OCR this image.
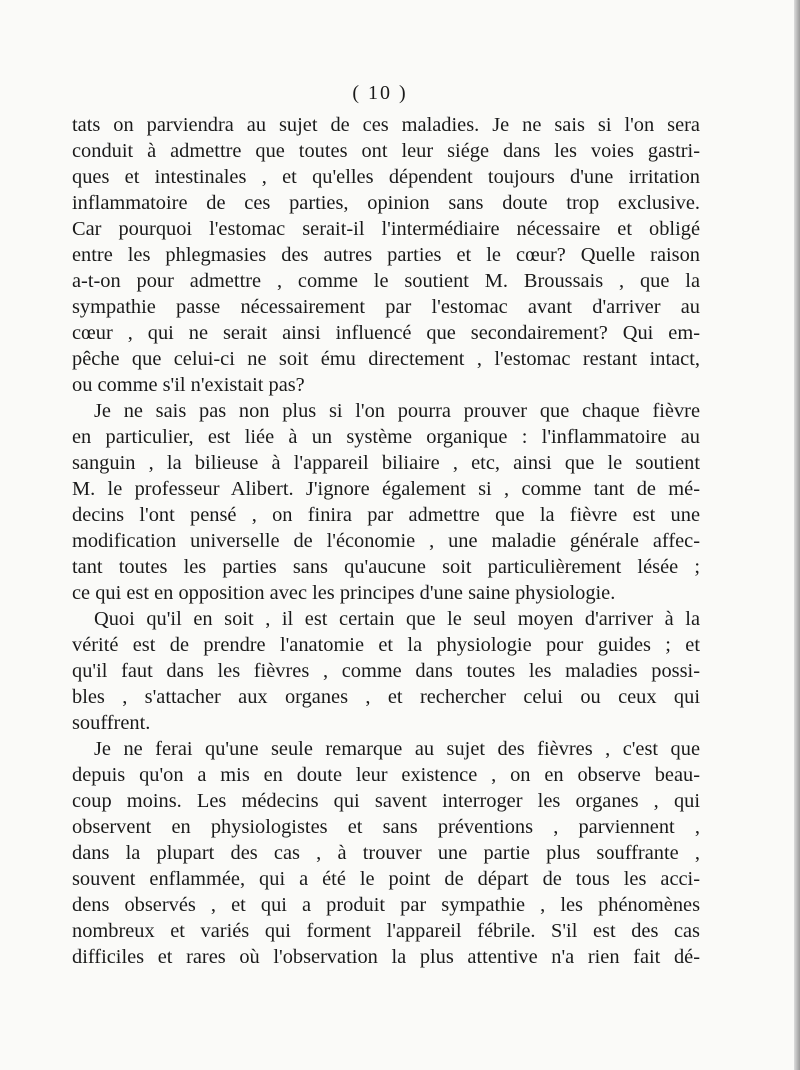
( 10 )
tats on parviendra au sujet de ces maladies. Je ne sais si l'on sera
conduit à admettre que toutes ont leur siége dans les voies gastri-
ques et intestinales , et qu'elles dépendent toujours d'une irritation
inflammatoire de ces parties, opinion sans doute trop exclusive.
Car pourquoi l'estomac serait-il l'intermédiaire nécessaire et obligé
entre les phlegmasies des autres parties et le cœur? Quelle raison
a-t-on pour admettre , comme le soutient M. Broussais , que la
sympathie passe nécessairement par l'estomac avant d'arriver au
cœur , qui ne serait ainsi influencé que secondairement? Qui em-
pêche que celui-ci ne soit ému directement , l'estomac restant intact,
ou comme s'il n'existait pas?
Je ne sais pas non plus si l'on pourra prouver que chaque fièvre
en particulier, est liée à un système organique : l'inflammatoire au
sanguin , la bilieuse à l'appareil biliaire , etc, ainsi que le soutient
M. le professeur Alibert. J'ignore également si , comme tant de mé-
decins l'ont pensé , on finira par admettre que la fièvre est une
modification universelle de l'économie , une maladie générale affec-
tant toutes les parties sans qu'aucune soit particulièrement lésée ;
ce qui est en opposition avec les principes d'une saine physiologie.
Quoi qu'il en soit , il est certain que le seul moyen d'arriver à la
vérité est de prendre l'anatomie et la physiologie pour guides ; et
qu'il faut dans les fièvres , comme dans toutes les maladies possi-
bles , s'attacher aux organes , et rechercher celui ou ceux qui
souffrent.
Je ne ferai qu'une seule remarque au sujet des fièvres , c'est que
depuis qu'on a mis en doute leur existence , on en observe beau-
coup moins. Les médecins qui savent interroger les organes , qui
observent en physiologistes et sans préventions , parviennent ,
dans la plupart des cas , à trouver une partie plus souffrante ,
souvent enflammée, qui a été le point de départ de tous les acci-
dens observés , et qui a produit par sympathie , les phénomènes
nombreux et variés qui forment l'appareil fébrile. S'il est des cas
difficiles et rares où l'observation la plus attentive n'a rien fait dé-
